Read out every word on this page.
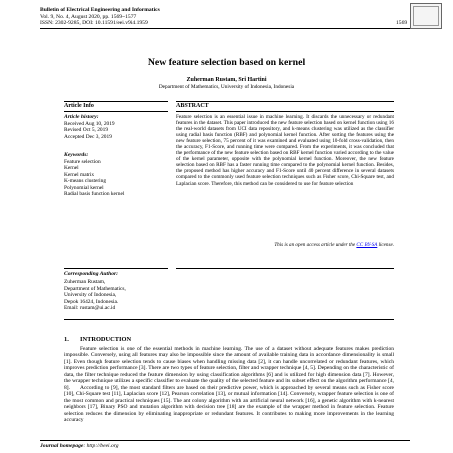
Bulletin of Electrical Engineering and Informatics
Vol. 9, No. 4, August 2020, pp. 1569~1577
ISSN: 2302-9285, DOI: 10.11591/eei.v9i4.1959	1569
New feature selection based on kernel
Zuherman Rustam, Sri Hartini
Department of Mathematics, University of Indonesia, Indonesia
Article Info	ABSTRACT
Article history:
Received Aug 10, 2019
Revised Oct 5, 2019
Accepted Dec 3, 2019
Keywords:
Feature selection
Kernel
Kernel matrix
K-means clustering
Polynomial kernel
Radial basis function kernel
Feature selection is an essential issue in machine learning. It discards the unnecessary or redundant features in the dataset. This paper introduced the new feature selection based on kernel function using 16 the real-world datasets from UCI data repository, and k-means clustering was utilized as the classifier using radial basis function (RBF) and polynomial kernel function. After sorting the features using the new feature selection, 75 percent of it was examined and evaluated using 10-fold cross-validation, then the accuracy, F1-Score, and running time were compared. From the experiments, it was concluded that the performance of the new feature selection based on RBF kernel function varied according to the value of the kernel parameter, opposite with the polynomial kernel function. Moreover, the new feature selection based on RBF has a faster running time compared to the polynomial kernel function. Besides, the proposed method has higher accuracy and F1-Score until 40 percent difference in several datasets compared to the commonly used feature selection techniques such as Fisher score, Chi-Square test, and Laplacian score. Therefore, this method can be considered to use for feature selection
This is an open access article under the CC BY-SA license.
Corresponding Author:
Zuherman Rustam,
Department of Mathematics,
University of Indonesia,
Depok 16424, Indonesia.
Email: rustam@ui.ac.id
1.       INTRODUCTION
Feature selection is one of the essential methods in machine learning. The use of a dataset without adequate features makes prediction impossible. Conversely, using all features may also be impossible since the amount of available training data in accordance dimensionality is small [1]. Even though feature selection tends to cause biases when handling missing data [2], it can handle uncorrelated or redundant features, which improves prediction performance [3]. There are two types of feature selection, filter and wrapper technique [4, 5]. Depending on the characteristic of data, the filter technique reduced the feature dimension by using classification algorithms [6] and is utilized for high dimension data [7]. However, the wrapper technique utilizes a specific classifier to evaluate the quality of the selected feature and its subset effect on the algorithm performance [4, 8].	According to [9], the most standard filters are based on their predictive power, which is approached by several means such as Fisher score [10], Chi-Square test [11], Laplacian score [12], Pearson correlation [13], or mutual information [14]. Conversely, wrapper feature selection is one of the most common and practical techniques [15]. The ant colony algorithm with an artificial neural network [16], a genetic algorithm with k-nearest neighbors [17], Binary PSO and mutation algorithm with decision tree [18] are the example of the wrapper method in feature selection. Feature selection reduces the dimension by eliminating inappropriate or redundant features. It contributes to making more improvements in the learning accuracy
Journal homepage: http://beei.org
